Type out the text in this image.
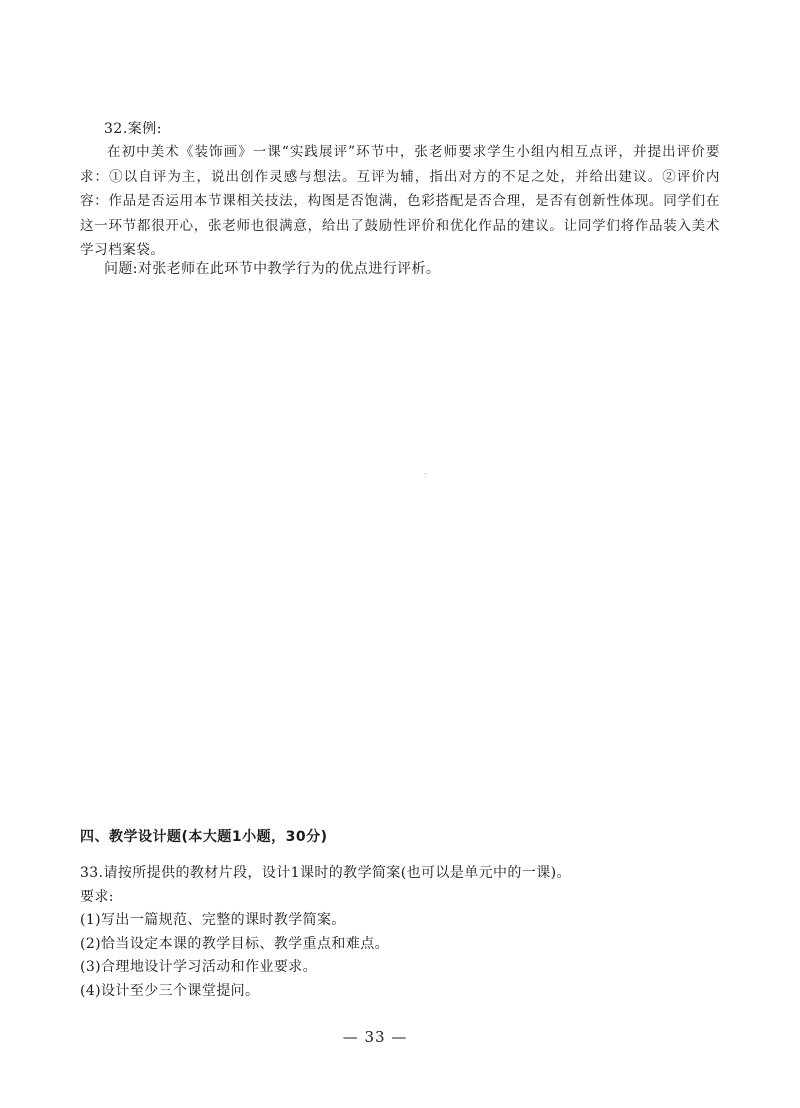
32.案例:
在初中美术《装饰画》一课“实践展评”环节中，张老师要求学生小组内相互点评，并提出评价要求：①以自评为主，说出创作灵感与想法。互评为辅，指出对方的不足之处，并给出建议。②评价内容：作品是否运用本节课相关技法，构图是否饱满，色彩搭配是否合理，是否有创新性体现。同学们在这一环节都很开心，张老师也很满意，给出了鼓励性评价和优化作品的建议。让同学们将作品装入美术学习档案袋。
问题:对张老师在此环节中教学行为的优点进行评析。
四、教学设计题(本大题1小题，30分)
33.请按所提供的教材片段，设计1课时的教学简案(也可以是单元中的一课)。
要求:
(1)写出一篇规范、完整的课时教学简案。
(2)恰当设定本课的教学目标、教学重点和难点。
(3)合理地设计学习活动和作业要求。
(4)设计至少三个课堂提问。
— 33 —
